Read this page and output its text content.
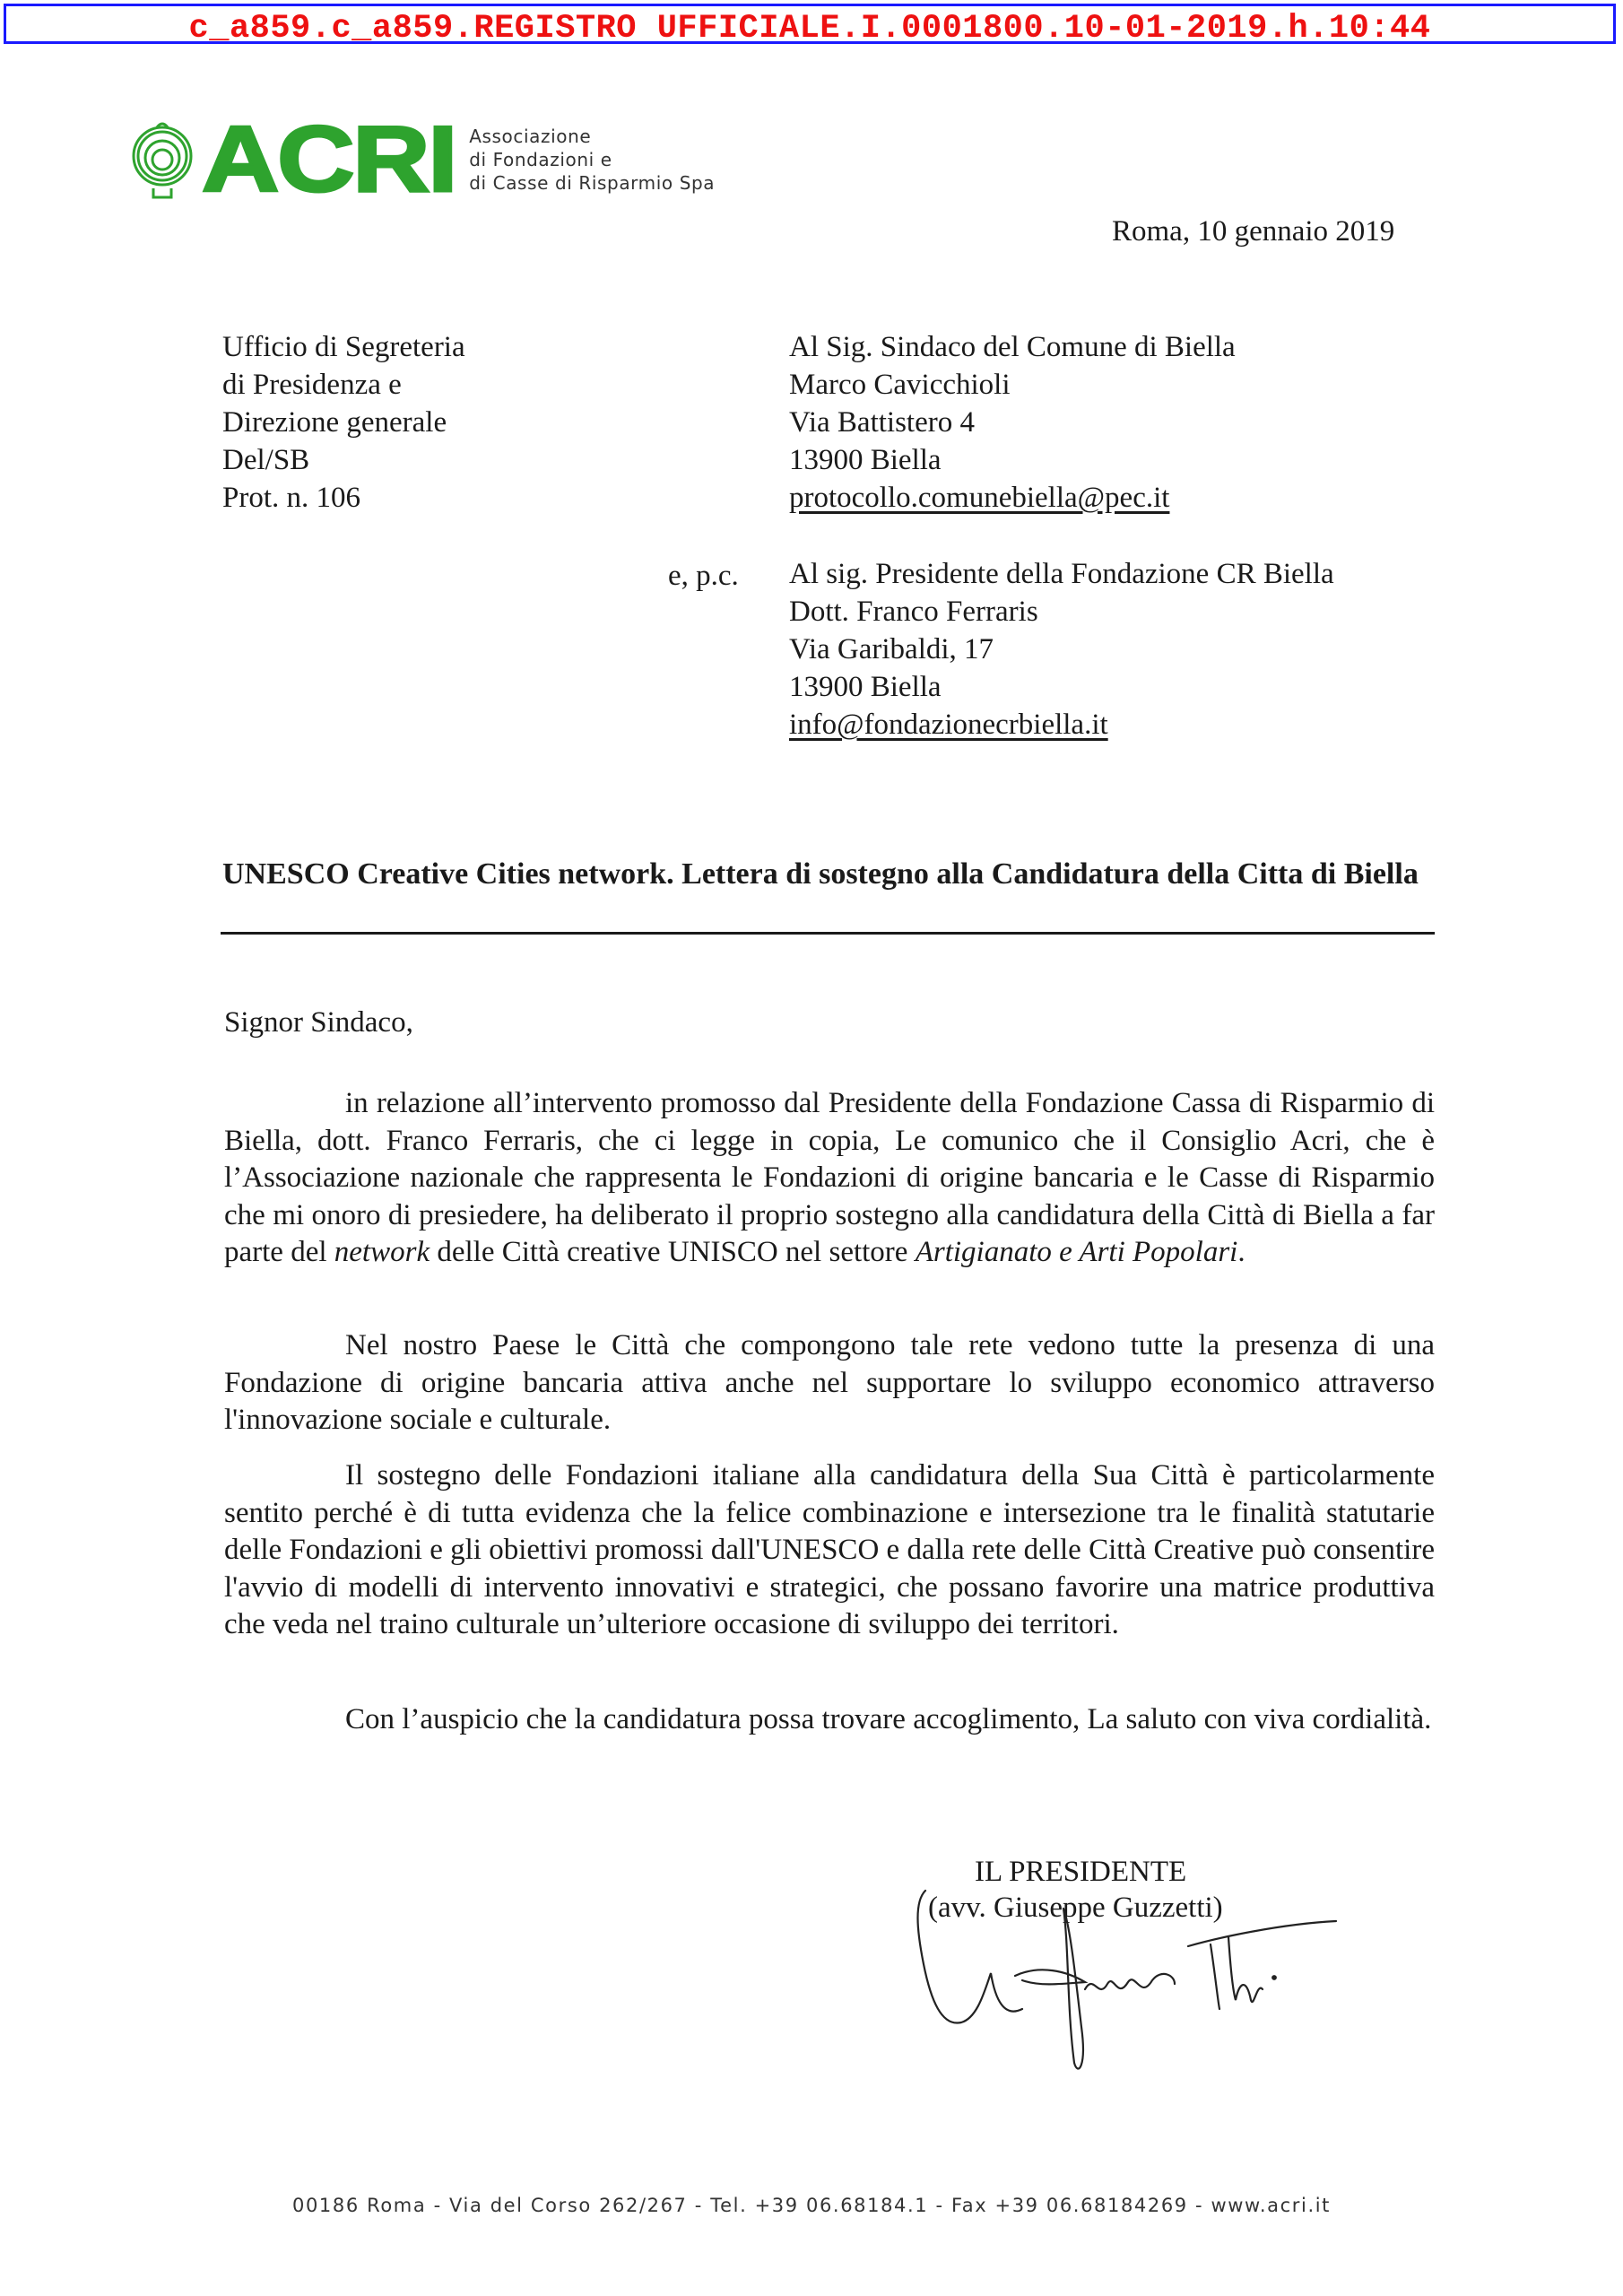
c_a859.c_a859.REGISTRO UFFICIALE.I.0001800.10-01-2019.h.10:44
ACRI Associazione
di Fondazioni e
di Casse di Risparmio Spa
Roma, 10 gennaio 2019
Ufficio di Segreteria
di Presidenza e
Direzione generale
Del/SB
Prot. n. 106
Al Sig. Sindaco del Comune di Biella
Marco Cavicchioli
Via Battistero 4
13900 Biella
protocollo.comunebiella@pec.it
e, p.c. Al sig. Presidente della Fondazione CR Biella
Dott. Franco Ferraris
Via Garibaldi, 17
13900 Biella
info@fondazionecrbiella.it
UNESCO Creative Cities network. Lettera di sostegno alla Candidatura della Citta di Biella
Signor Sindaco,

in relazione all’intervento promosso dal Presidente della Fondazione Cassa di Risparmio di Biella, dott. Franco Ferraris, che ci legge in copia, Le comunico che il Consiglio Acri, che è l’Associazione nazionale che rappresenta le Fondazioni di origine bancaria e le Casse di Risparmio che mi onoro di presiedere, ha deliberato il proprio sostegno alla candidatura della Città di Biella a far parte del network delle Città creative UNISCO nel settore Artigianato e Arti Popolari.

Nel nostro Paese le Città che compongono tale rete vedono tutte la presenza di una Fondazione di origine bancaria attiva anche nel supportare lo sviluppo economico attraverso l'innovazione sociale e culturale.

Il sostegno delle Fondazioni italiane alla candidatura della Sua Città è particolarmente sentito perché è di tutta evidenza che la felice combinazione e intersezione tra le finalità statutarie delle Fondazioni e gli obiettivi promossi dall'UNESCO e dalla rete delle Città Creative può consentire l'avvio di modelli di intervento innovativi e strategici, che possano favorire una matrice produttiva che veda nel traino culturale un’ulteriore occasione di sviluppo dei territori.

Con l’auspicio che la candidatura possa trovare accoglimento, La saluto con viva cordialità.

IL PRESIDENTE
(avv. Giuseppe Guzzetti)
00186 Roma - Via del Corso 262/267 - Tel. +39 06.68184.1 - Fax +39 06.68184269 - www.acri.it
